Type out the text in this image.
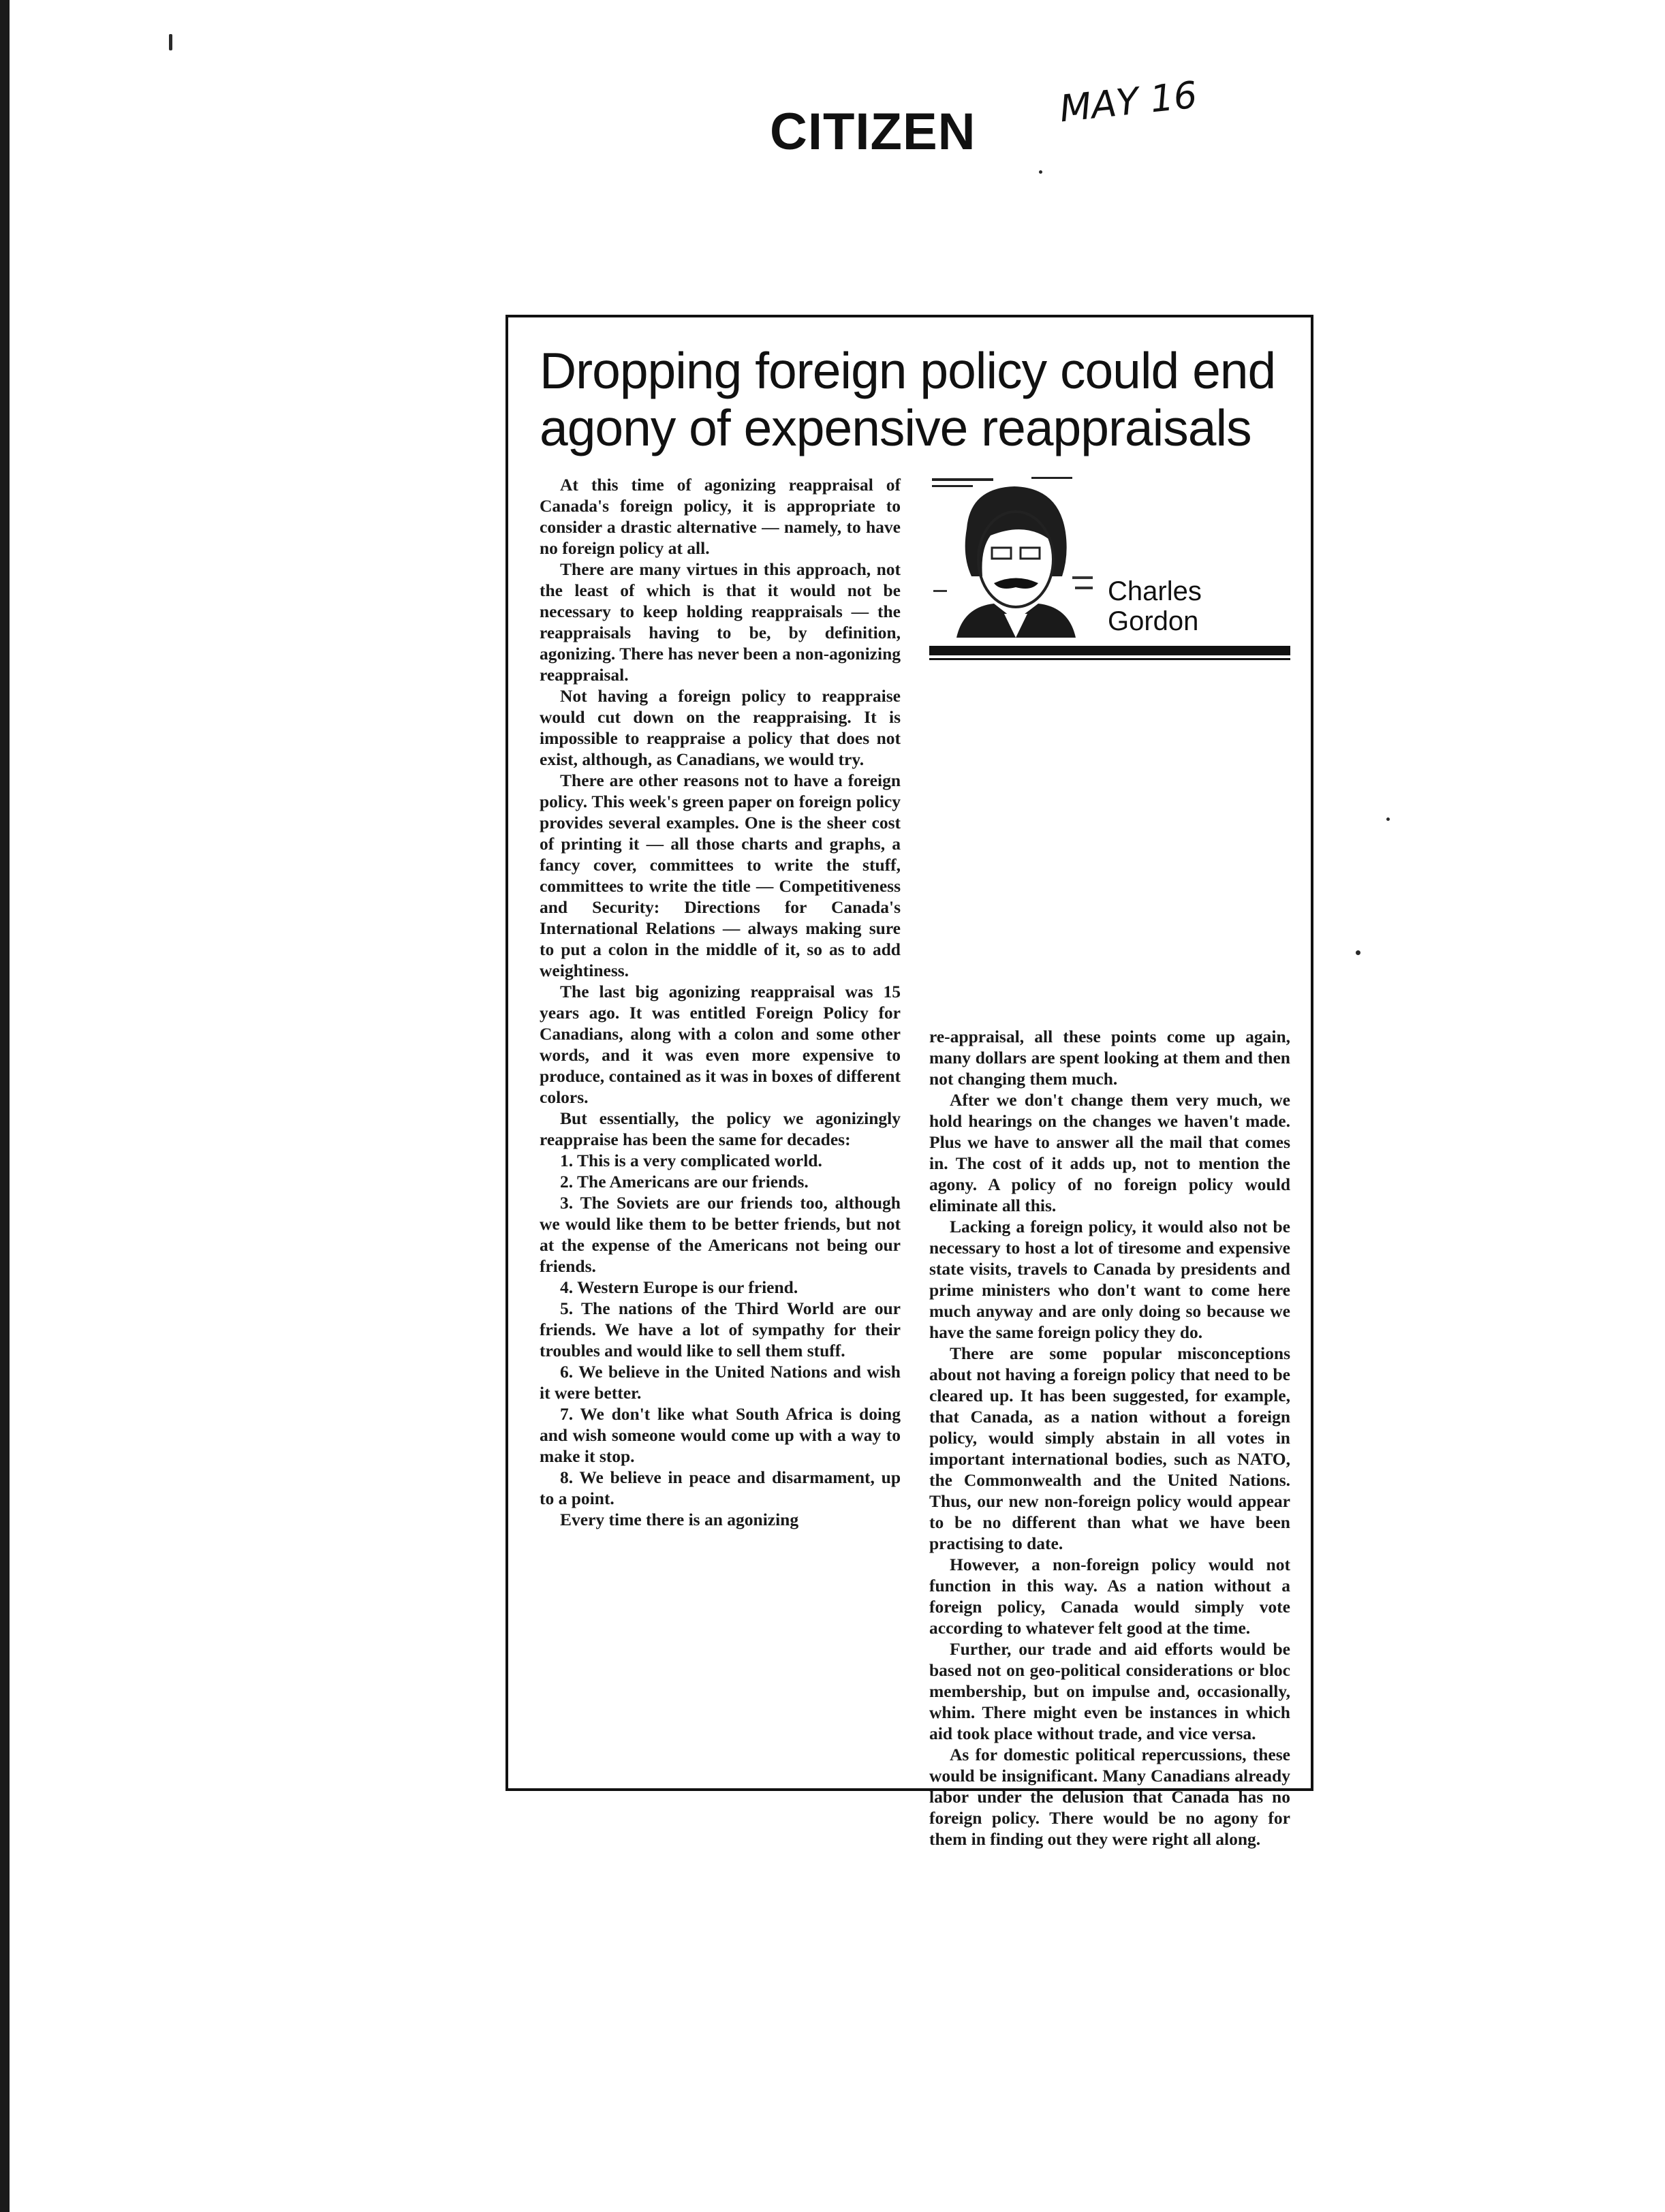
CITIZEN
MAY 16
Dropping foreign policy could end
agony of expensive reappraisals

At this time of agonizing reappraisal of Canada's foreign policy, it is appropriate to consider a drastic alternative — namely, to have no foreign policy at all.

There are many virtues in this approach, not the least of which is that it would not be necessary to keep holding reappraisals — the reappraisals having to be, by definition, agonizing. There has never been a non-agonizing reappraisal.

Not having a foreign policy to reappraise would cut down on the reappraising. It is impossible to reappraise a policy that does not exist, although, as Canadians, we would try.

There are other reasons not to have a foreign policy. This week's green paper on foreign policy provides several examples. One is the sheer cost of printing it — all those charts and graphs, a fancy cover, committees to write the stuff, committees to write the title — Competitiveness and Security: Directions for Canada's International Relations — always making sure to put a colon in the middle of it, so as to add weightiness.

The last big agonizing reappraisal was 15 years ago. It was entitled Foreign Policy for Canadians, along with a colon and some other words, and it was even more expensive to produce, contained as it was in boxes of different colors.

But essentially, the policy we agonizingly reappraise has been the same for decades:

1. This is a very complicated world.

2. The Americans are our friends.

3. The Soviets are our friends too, although we would like them to be better friends, but not at the expense of the Americans not being our friends.

4. Western Europe is our friend.

5. The nations of the Third World are our friends. We have a lot of sympathy for their troubles and would like to sell them stuff.

6. We believe in the United Nations and wish it were better.

7. We don't like what South Africa is doing and wish someone would come up with a way to make it stop.

8. We believe in peace and disarmament, up to a point.

Every time there is an agonizing

Charles
Gordon

re-appraisal, all these points come up again, many dollars are spent looking at them and then not changing them much.

After we don't change them very much, we hold hearings on the changes we haven't made. Plus we have to answer all the mail that comes in. The cost of it adds up, not to mention the agony. A policy of no foreign policy would eliminate all this.

Lacking a foreign policy, it would also not be necessary to host a lot of tiresome and expensive state visits, travels to Canada by presidents and prime ministers who don't want to come here much anyway and are only doing so because we have the same foreign policy they do.

There are some popular misconceptions about not having a foreign policy that need to be cleared up. It has been suggested, for example, that Canada, as a nation without a foreign policy, would simply abstain in all votes in important international bodies, such as NATO, the Commonwealth and the United Nations. Thus, our new non-foreign policy would appear to be no different than what we have been practising to date.

However, a non-foreign policy would not function in this way. As a nation without a foreign policy, Canada would simply vote according to whatever felt good at the time.

Further, our trade and aid efforts would be based not on geo-political considerations or bloc membership, but on impulse and, occasionally, whim. There might even be instances in which aid took place without trade, and vice versa.

As for domestic political repercussions, these would be insignificant. Many Canadians already labor under the delusion that Canada has no foreign policy. There would be no agony for them in finding out they were right all along.
